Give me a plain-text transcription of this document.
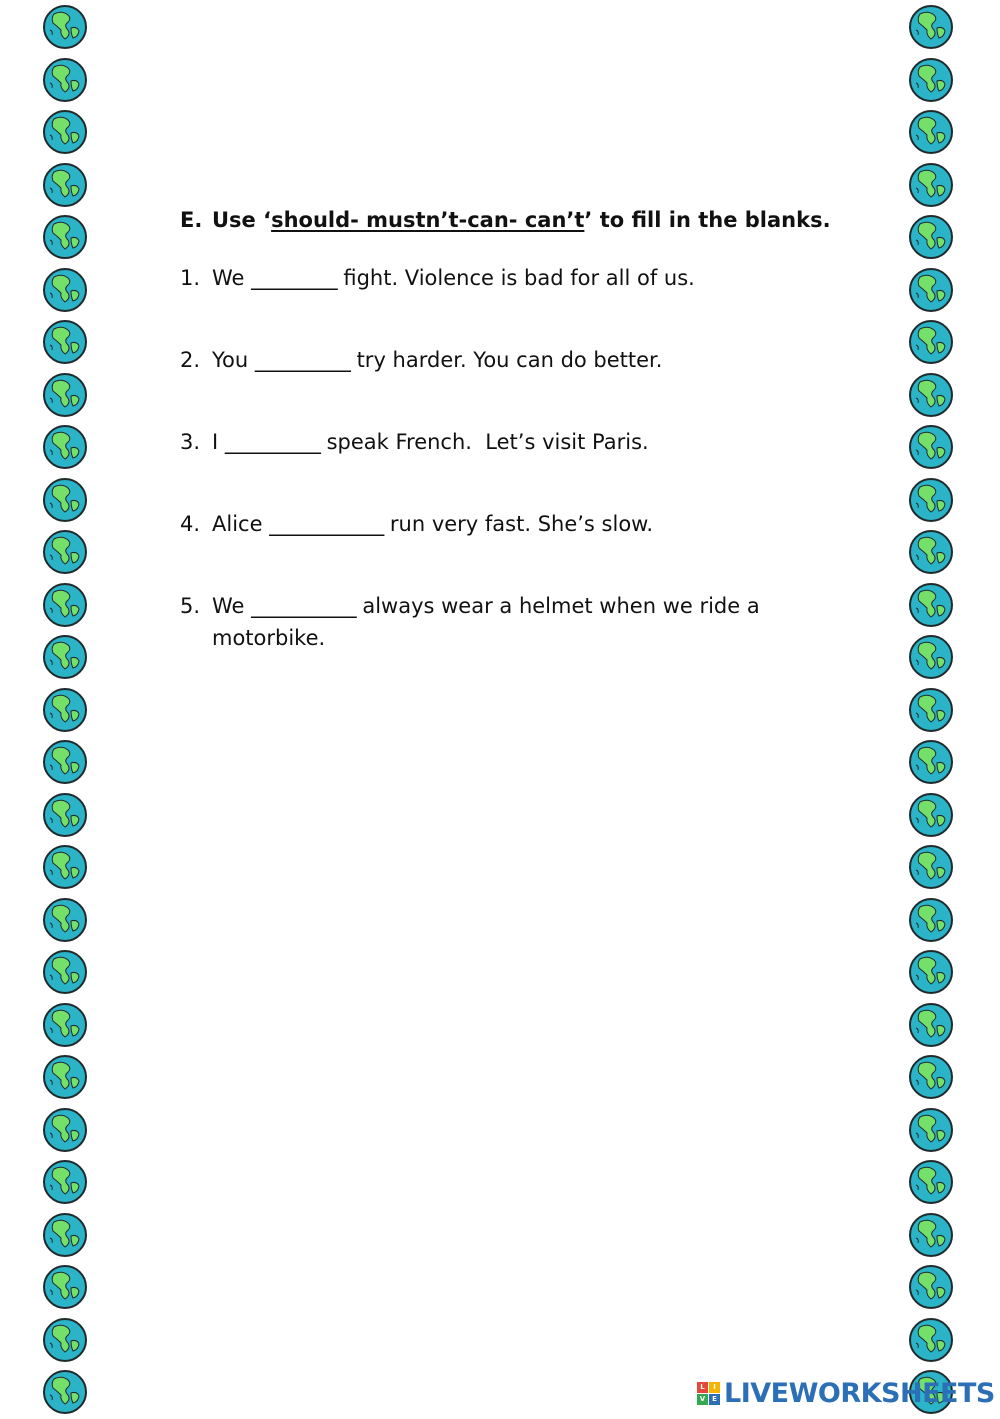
E. Use ‘should- mustn’t-can- can’t’ to fill in the blanks.
1. We _________ fight. Violence is bad for all of us.
2. You __________ try harder. You can do better.
3. I __________ speak French.  Let’s visit Paris.
4. Alice ____________ run very fast. She’s slow.
5. We ___________ always wear a helmet when we ride a motorbike.
L	I
V E LIVEWORKSHEETS
